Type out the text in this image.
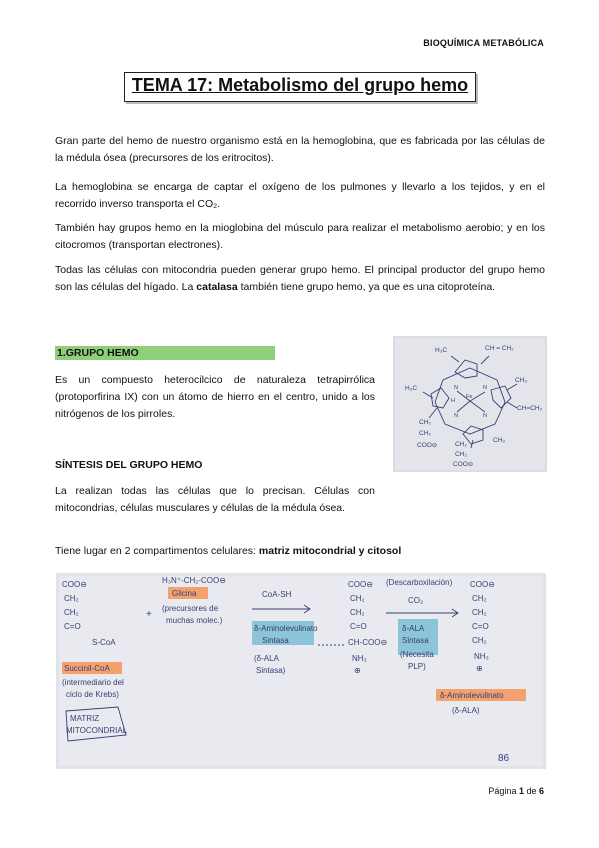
BIOQUÍMICA METABÓLICA
TEMA 17: Metabolismo del grupo hemo

Gran parte del hemo de nuestro organismo está en la hemoglobina, que es fabricada por las células de la médula ósea (precursores de los eritrocitos).

La hemoglobina se encarga de captar el oxígeno de los pulmones y llevarlo a los tejidos, y en el recorrido inverso transporta el CO₂.

También hay grupos hemo en la mioglobina del músculo para realizar el metabolismo aerobio; y en los citocromos (transportan electrones).

Todas las células con mitocondria pueden generar grupo hemo. El principal productor del grupo hemo son las células del hígado. La catalasa también tiene grupo hemo, ya que es una citoproteína.

1.GRUPO HEMO

Es un compuesto heterocilcico de naturaleza tetrapirrólica (protoporfirina IX) con un átomo de hierro en el centro, unido a los nitrógenos de los pirroles.

SÍNTESIS DEL GRUPO HEMO

La realizan todas las células que lo precisan. Células con mitocondrias, células musculares y células de la médula ósea.

Tiene lugar en 2 compartimentos celulares: matriz mitocondrial y citosol

H₃C	CH = CH₂
H₃C
CH₃
CH=CH₂
Fe
N	N
N	N
H
CH₂
CH₂
COO⊖
CH₃
CH₂
CH₂
COO⊖
COO⊖
CH₂
CH₂
C=O
S-CoA
Succinil-CoA
(intermediario del
ciclo de Krebs)
MATRIZ
MITOCONDRIAL
+
H₃N⁺-CH₂-COO⊖
Glicina
(precursores de
muchas molec.)
CoA-SH
δ-Aminolevulinato
Sintasa
(δ-ALA
Sintasa)
COO⊖
CH₂
CH₂
C=O
CH-COO⊖
NH₃
⊕
(Descarboxilación)
CO₂
δ-ALA
Sintasa
(Necesita
PLP)
COO⊖
CH₂
CH₂
C=O
CH₂
NH₃
⊕
δ-Aminolevulinato
(δ-ALA)
86
Página 1 de 6
